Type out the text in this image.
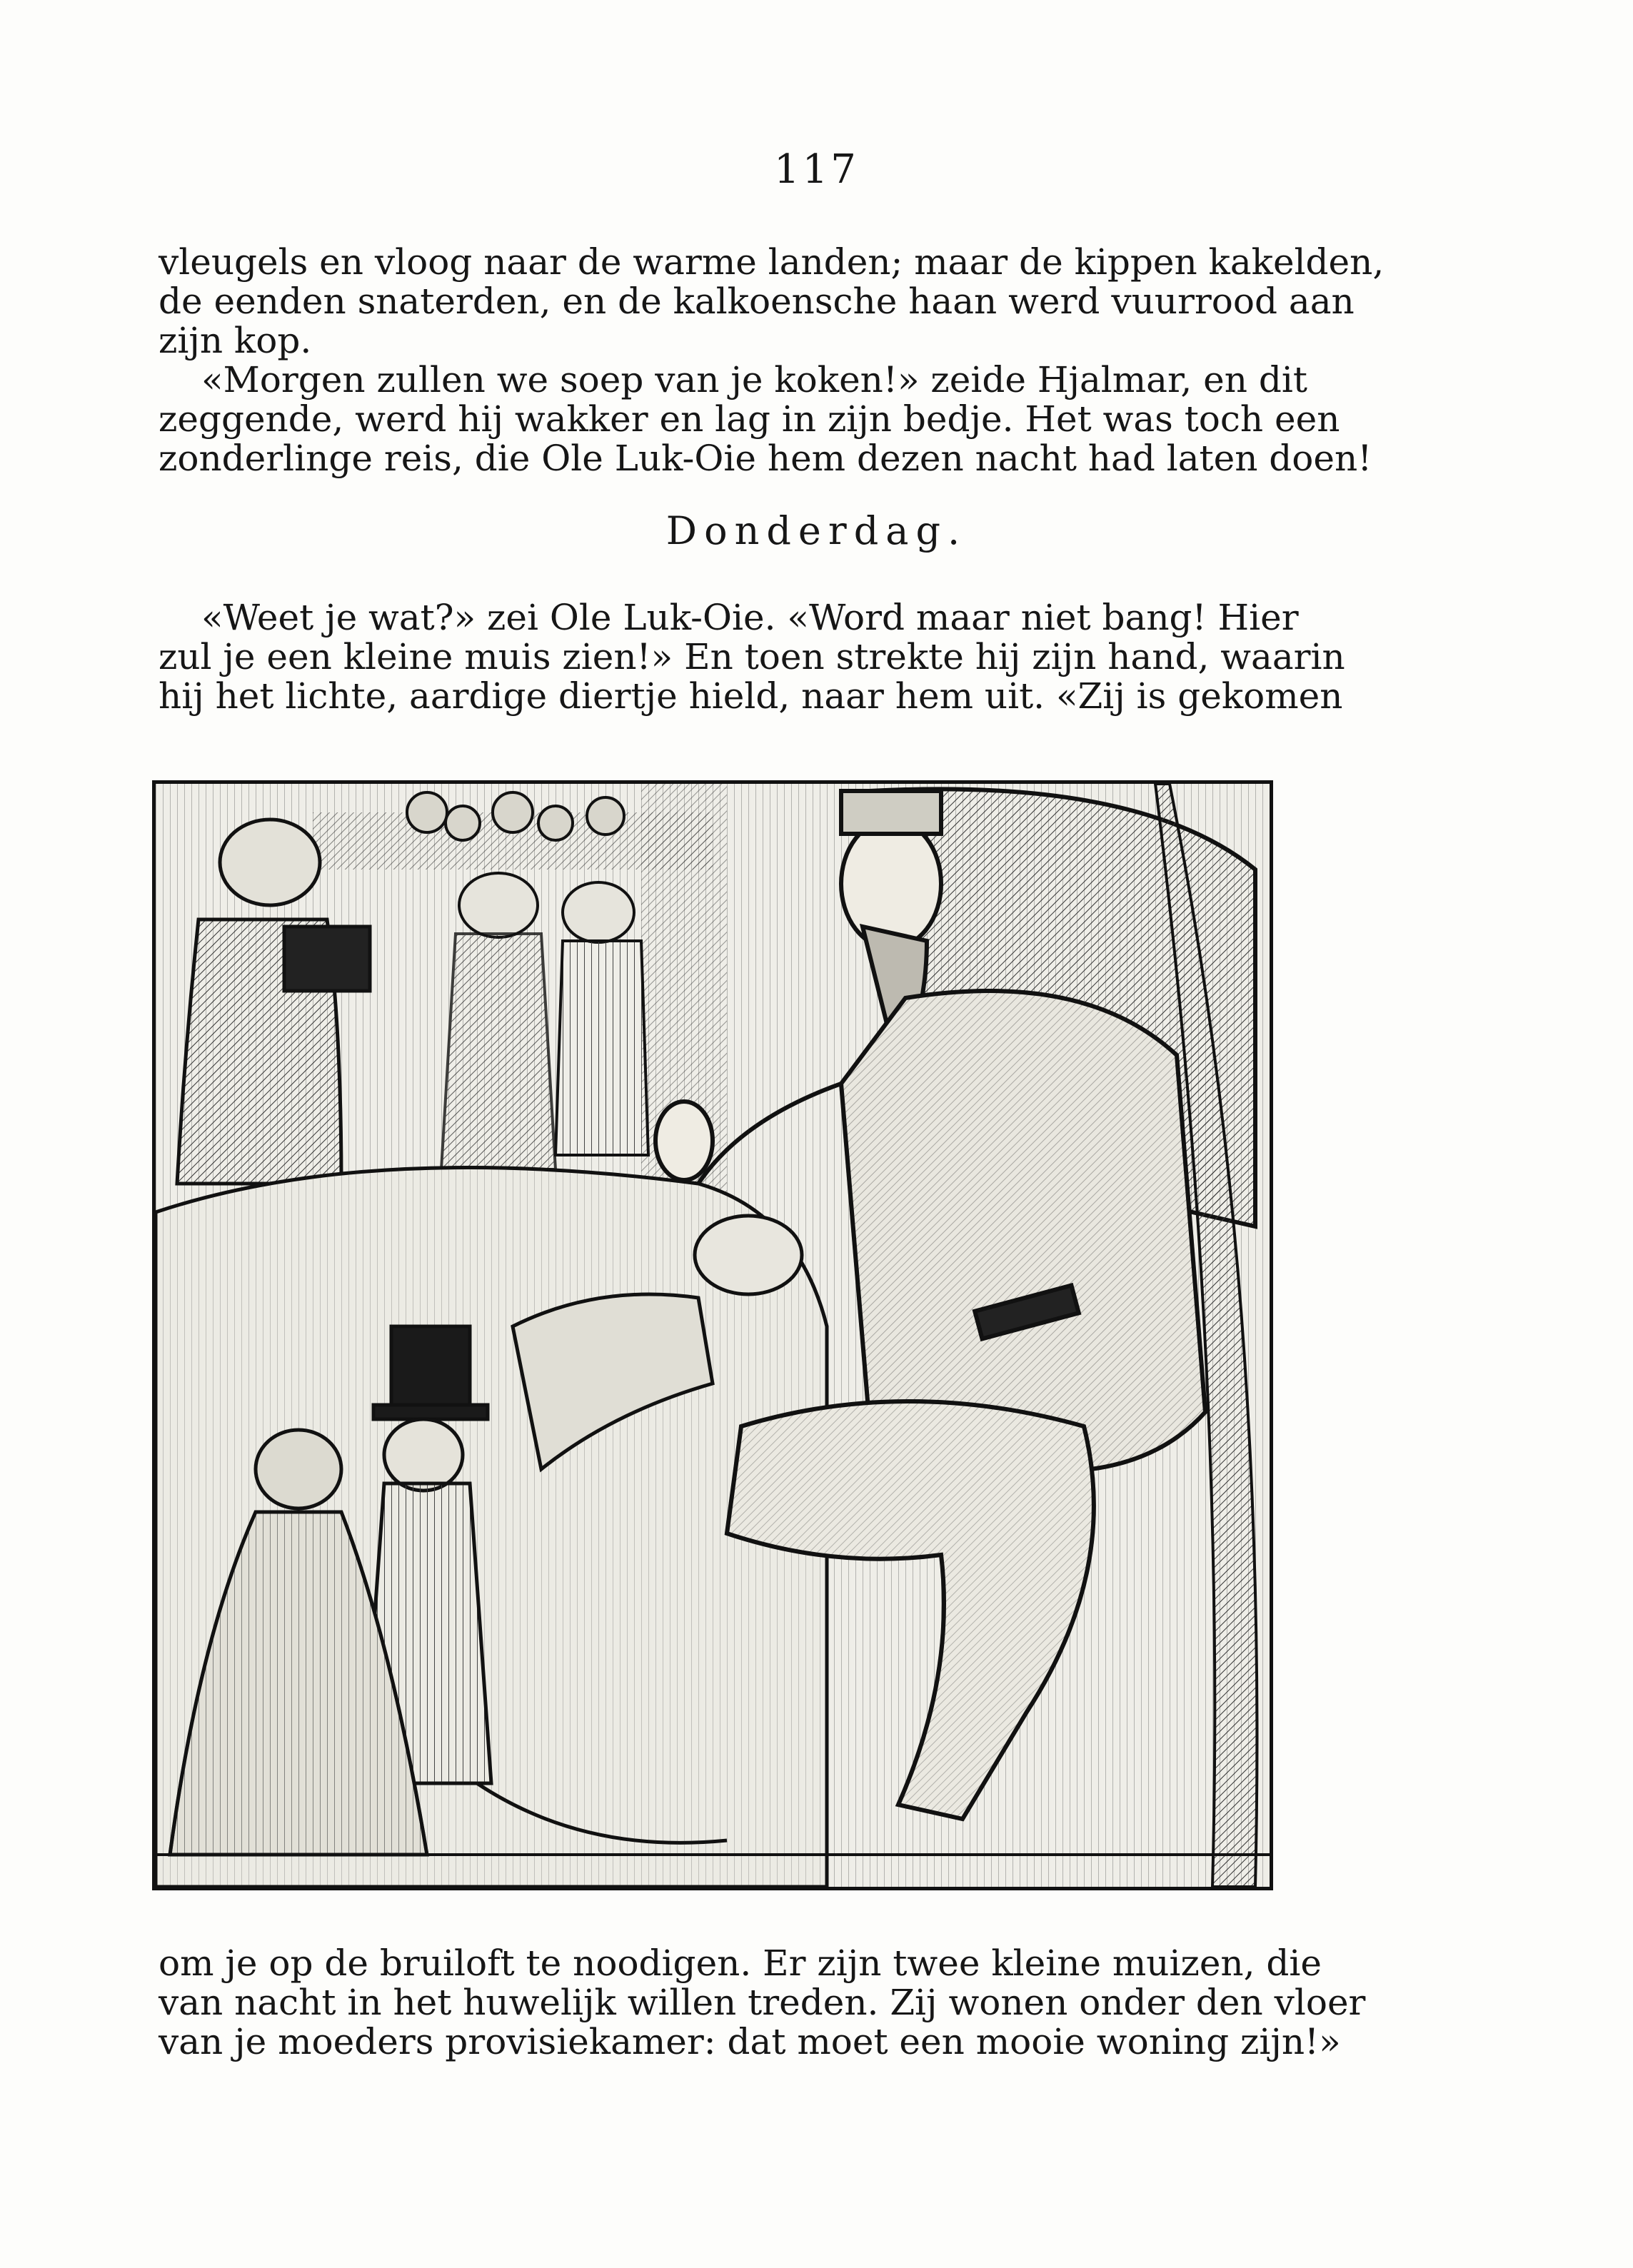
117
vleugels en vloog naar de warme landen; maar de kippen kakelden,
de eenden snaterden, en de kalkoensche haan werd vuurrood aan
zijn kop.
«Morgen zullen we soep van je koken!» zeide Hjalmar, en dit
zeggende, werd hij wakker en lag in zijn bedje. Het was toch een
zonderlinge reis, die Ole Luk-Oie hem dezen nacht had laten doen!
Donderdag.
«Weet je wat?» zei Ole Luk-Oie. «Word maar niet bang! Hier
zul je een kleine muis zien!» En toen strekte hij zijn hand, waarin
hij het lichte, aardige diertje hield, naar hem uit. «Zij is gekomen
om je op de bruiloft te noodigen. Er zijn twee kleine muizen, die
van nacht in het huwelijk willen treden. Zij wonen onder den vloer
van je moeders provisiekamer: dat moet een mooie woning zijn!»
